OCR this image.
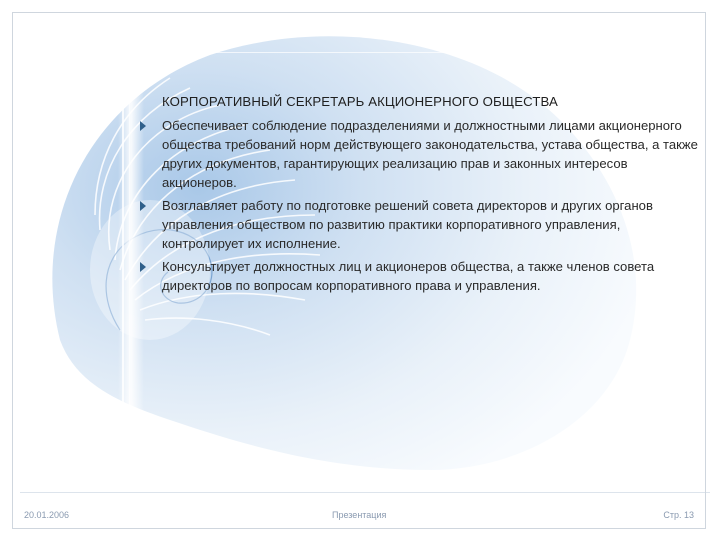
КОРПОРАТИВНЫЙ СЕКРЕТАРЬ АКЦИОНЕРНОГО ОБЩЕСТВА
Обеспечивает соблюдение подразделениями и должностными лицами акционерного общества требований норм действующего законодательства, устава общества, а также других документов, гарантирующих реализацию прав и законных интересов акционеров.
Возглавляет работу по подготовке решений совета директоров и других органов управления обществом по развитию практики корпоративного управления, контролирует их исполнение.
Консультирует должностных лиц и акционеров общества, а также членов совета директоров по вопросам корпоративного права и управления.
20.01.2006	Презентация	Стр. 13
